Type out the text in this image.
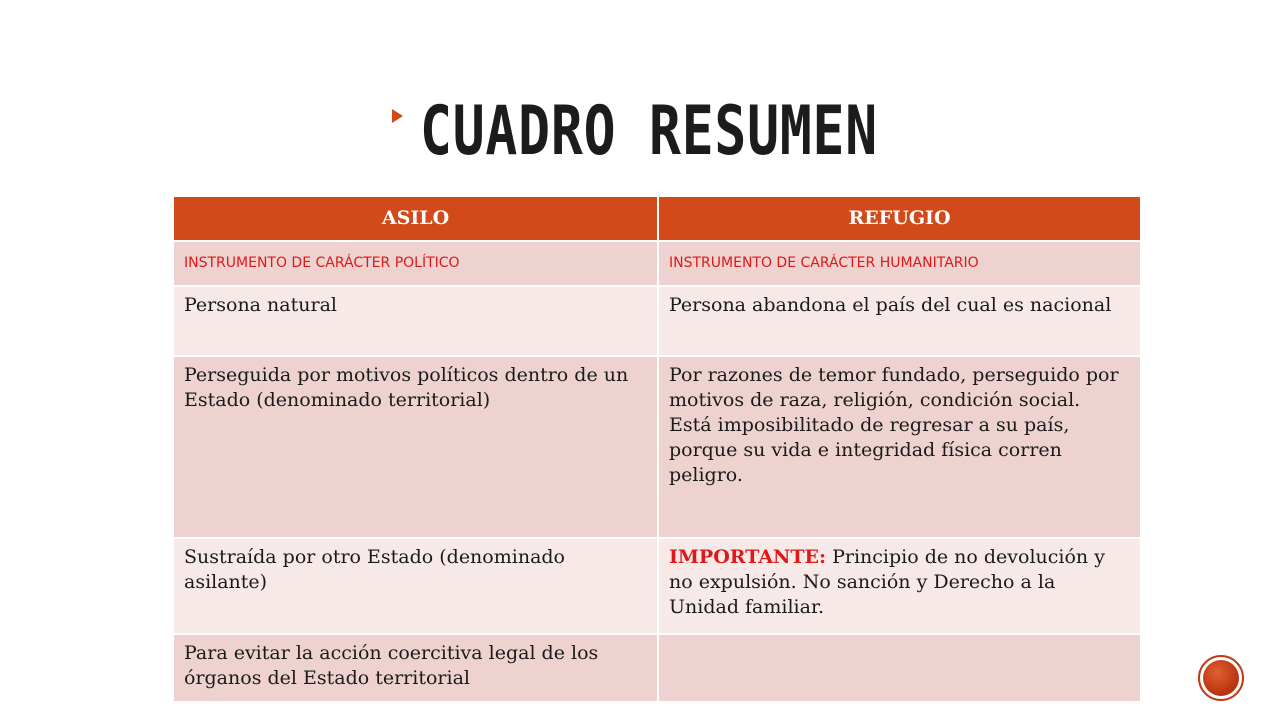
CUADRO RESUMEN
ASILO	REFUGIO
INSTRUMENTO DE CARÁCTER POLÍTICO	INSTRUMENTO DE CARÁCTER HUMANITARIO
Persona natural	Persona abandona el país del cual es nacional
Perseguida por motivos políticos dentro de un Estado (denominado territorial)	Por razones de temor fundado, perseguido por motivos de raza, religión, condición social.
Está imposibilitado de regresar a su país, porque su vida e integridad física corren peligro.

Sustraída por otro Estado (denominado asilante)	IMPORTANTE: Principio de no devolución y no expulsión. No sanción y Derecho a la Unidad familiar.
Para evitar la acción coercitiva legal de los órganos del Estado territorial	
